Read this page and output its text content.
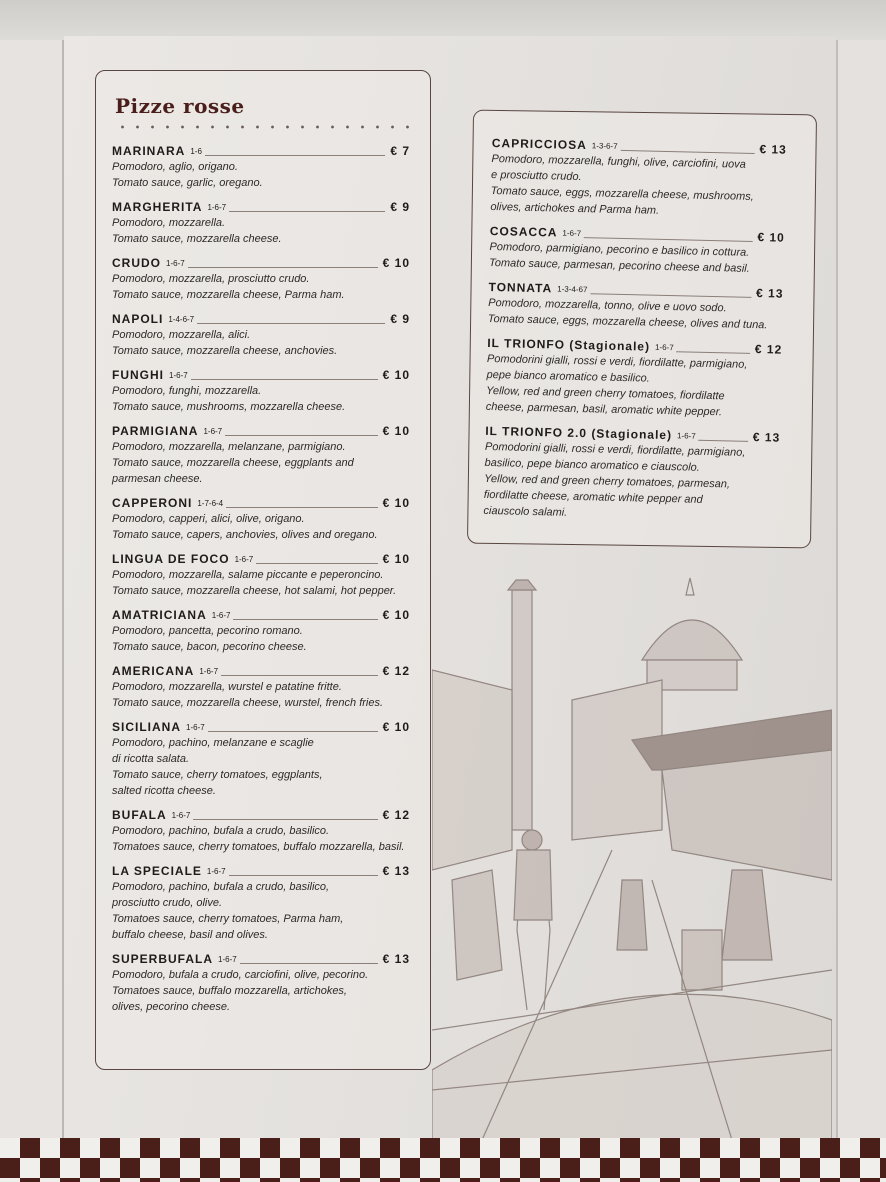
Pizze rosse
MARINARA 1-6	€ 7
Pomodoro, aglio, origano.
Tomato sauce, garlic, oregano.
MARGHERITA 1-6-7	€ 9
Pomodoro, mozzarella.
Tomato sauce, mozzarella cheese.
CRUDO 1-6-7	€ 10
Pomodoro, mozzarella, prosciutto crudo.
Tomato sauce, mozzarella cheese, Parma ham.
NAPOLI 1-4-6-7	€ 9
Pomodoro, mozzarella, alici.
Tomato sauce, mozzarella cheese, anchovies.
FUNGHI 1-6-7	€ 10
Pomodoro, funghi, mozzarella.
Tomato sauce, mushrooms, mozzarella cheese.
PARMIGIANA 1-6-7	€ 10
Pomodoro, mozzarella, melanzane, parmigiano.
Tomato sauce, mozzarella cheese, eggplants and
parmesan cheese.
CAPPERONI 1-7-6-4	€ 10
Pomodoro, capperi, alici, olive, origano.
Tomato sauce, capers, anchovies, olives and oregano.
LINGUA DE FOCO 1-6-7	€ 10
Pomodoro, mozzarella, salame piccante e peperoncino.
Tomato sauce, mozzarella cheese, hot salami, hot pepper.
AMATRICIANA 1-6-7	€ 10
Pomodoro, pancetta, pecorino romano.
Tomato sauce, bacon, pecorino cheese.
AMERICANA 1-6-7	€ 12
Pomodoro, mozzarella, wurstel e patatine fritte.
Tomato sauce, mozzarella cheese, wurstel, french fries.
SICILIANA 1-6-7	€ 10
Pomodoro, pachino, melanzane e scaglie
di ricotta salata.
Tomato sauce, cherry tomatoes, eggplants,
salted ricotta cheese.
BUFALA 1-6-7	€ 12
Pomodoro, pachino, bufala a crudo, basilico.
Tomatoes sauce, cherry tomatoes, buffalo mozzarella, basil.
LA SPECIALE 1-6-7	€ 13
Pomodoro, pachino, bufala a crudo, basilico,
prosciutto crudo, olive.
Tomatoes sauce, cherry tomatoes, Parma ham,
buffalo cheese, basil and olives.
SUPERBUFALA 1-6-7	€ 13
Pomodoro, bufala a crudo, carciofini, olive, pecorino.
Tomatoes sauce, buffalo mozzarella, artichokes,
olives, pecorino cheese.
CAPRICCIOSA 1-3-6-7	€ 13
Pomodoro, mozzarella, funghi, olive, carciofini, uova
e prosciutto crudo.
Tomato sauce, eggs, mozzarella cheese, mushrooms,
olives, artichokes and Parma ham.
COSACCA 1-6-7	€ 10
Pomodoro, parmigiano, pecorino e basilico in cottura.
Tomato sauce, parmesan, pecorino cheese and basil.
TONNATA 1-3-4-67	€ 13
Pomodoro, mozzarella, tonno, olive e uovo sodo.
Tomato sauce, eggs, mozzarella cheese, olives and tuna.
IL TRIONFO (Stagionale) 1-6-7	€ 12
Pomodorini gialli, rossi e verdi, fiordilatte, parmigiano,
pepe bianco aromatico e basilico.
Yellow, red and green cherry tomatoes, fiordilatte
cheese, parmesan, basil, aromatic white pepper.
IL TRIONFO 2.0 (Stagionale) 1-6-7	€ 13
Pomodorini gialli, rossi e verdi, fiordilatte, parmigiano,
basilico, pepe bianco aromatico e ciauscolo.
Yellow, red and green cherry tomatoes, parmesan,
fiordilatte cheese, aromatic white pepper and
ciauscolo salami.
